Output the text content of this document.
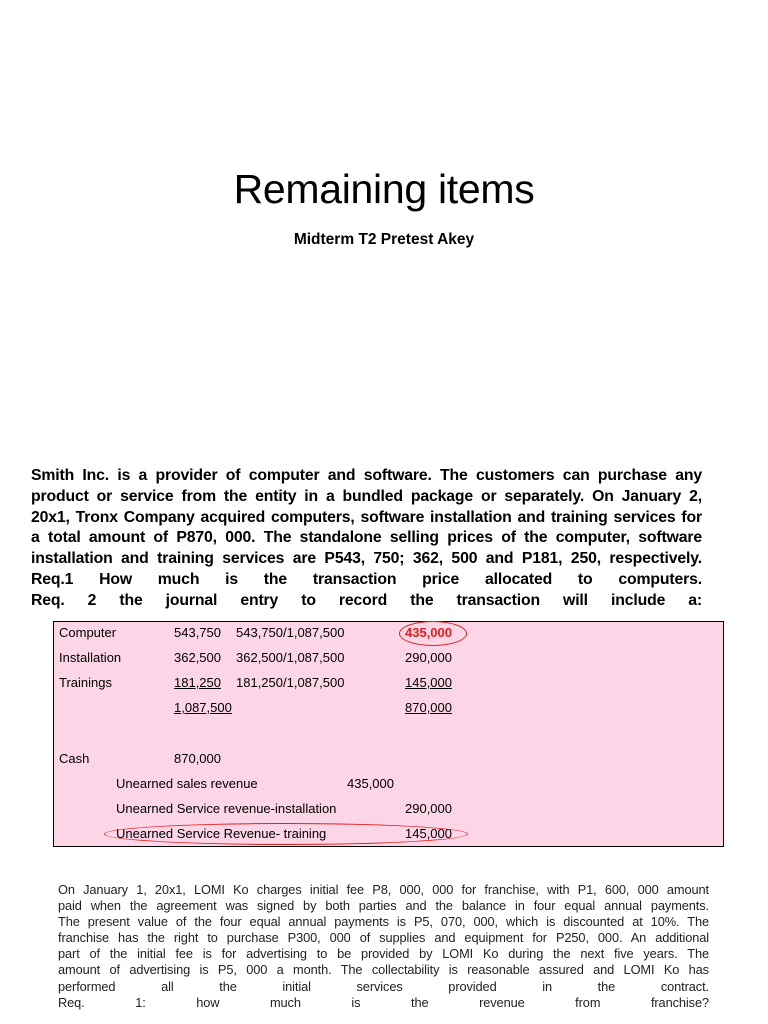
Remaining items
Midterm T2 Pretest Akey
Smith Inc. is a provider of computer and software. The customers can purchase any
product or service from the entity in a bundled package or separately. On January 2,
20x1, Tronx Company acquired computers, software installation and training services for
a total amount of P870, 000. The standalone selling prices of the computer, software
installation and training services are P543, 750; 362, 500 and P181, 250, respectively.
Req.1 How much is the transaction price allocated to computers.
Req. 2 the journal entry to record the transaction will include a:
Computer	543,750 543,750/1,087,500	435,000
Installation	362,500 362,500/1,087,500	290,000
Trainings	181,250 181,250/1,087,500	145,000
1,087,500	870,000
Cash	870,000
Unearned sales revenue	435,000
Unearned Service revenue-installation	290,000
Unearned Service Revenue- training	145,000
On January 1, 20x1, LOMI Ko charges initial fee P8, 000, 000 for franchise, with P1, 600, 000 amount
paid when the agreement was signed by both parties and the balance in four equal annual payments.
The present value of the four equal annual payments is P5, 070, 000, which is discounted at 10%. The
franchise has the right to purchase P300, 000 of supplies and equipment for P250, 000. An additional
part of the initial fee is for advertising to be provided by LOMI Ko during the next five years. The
amount of advertising is P5, 000 a month. The collectability is reasonable assured and LOMI Ko has
performed all the initial services provided in the contract.
Req. 1: how much is the revenue from franchise?
